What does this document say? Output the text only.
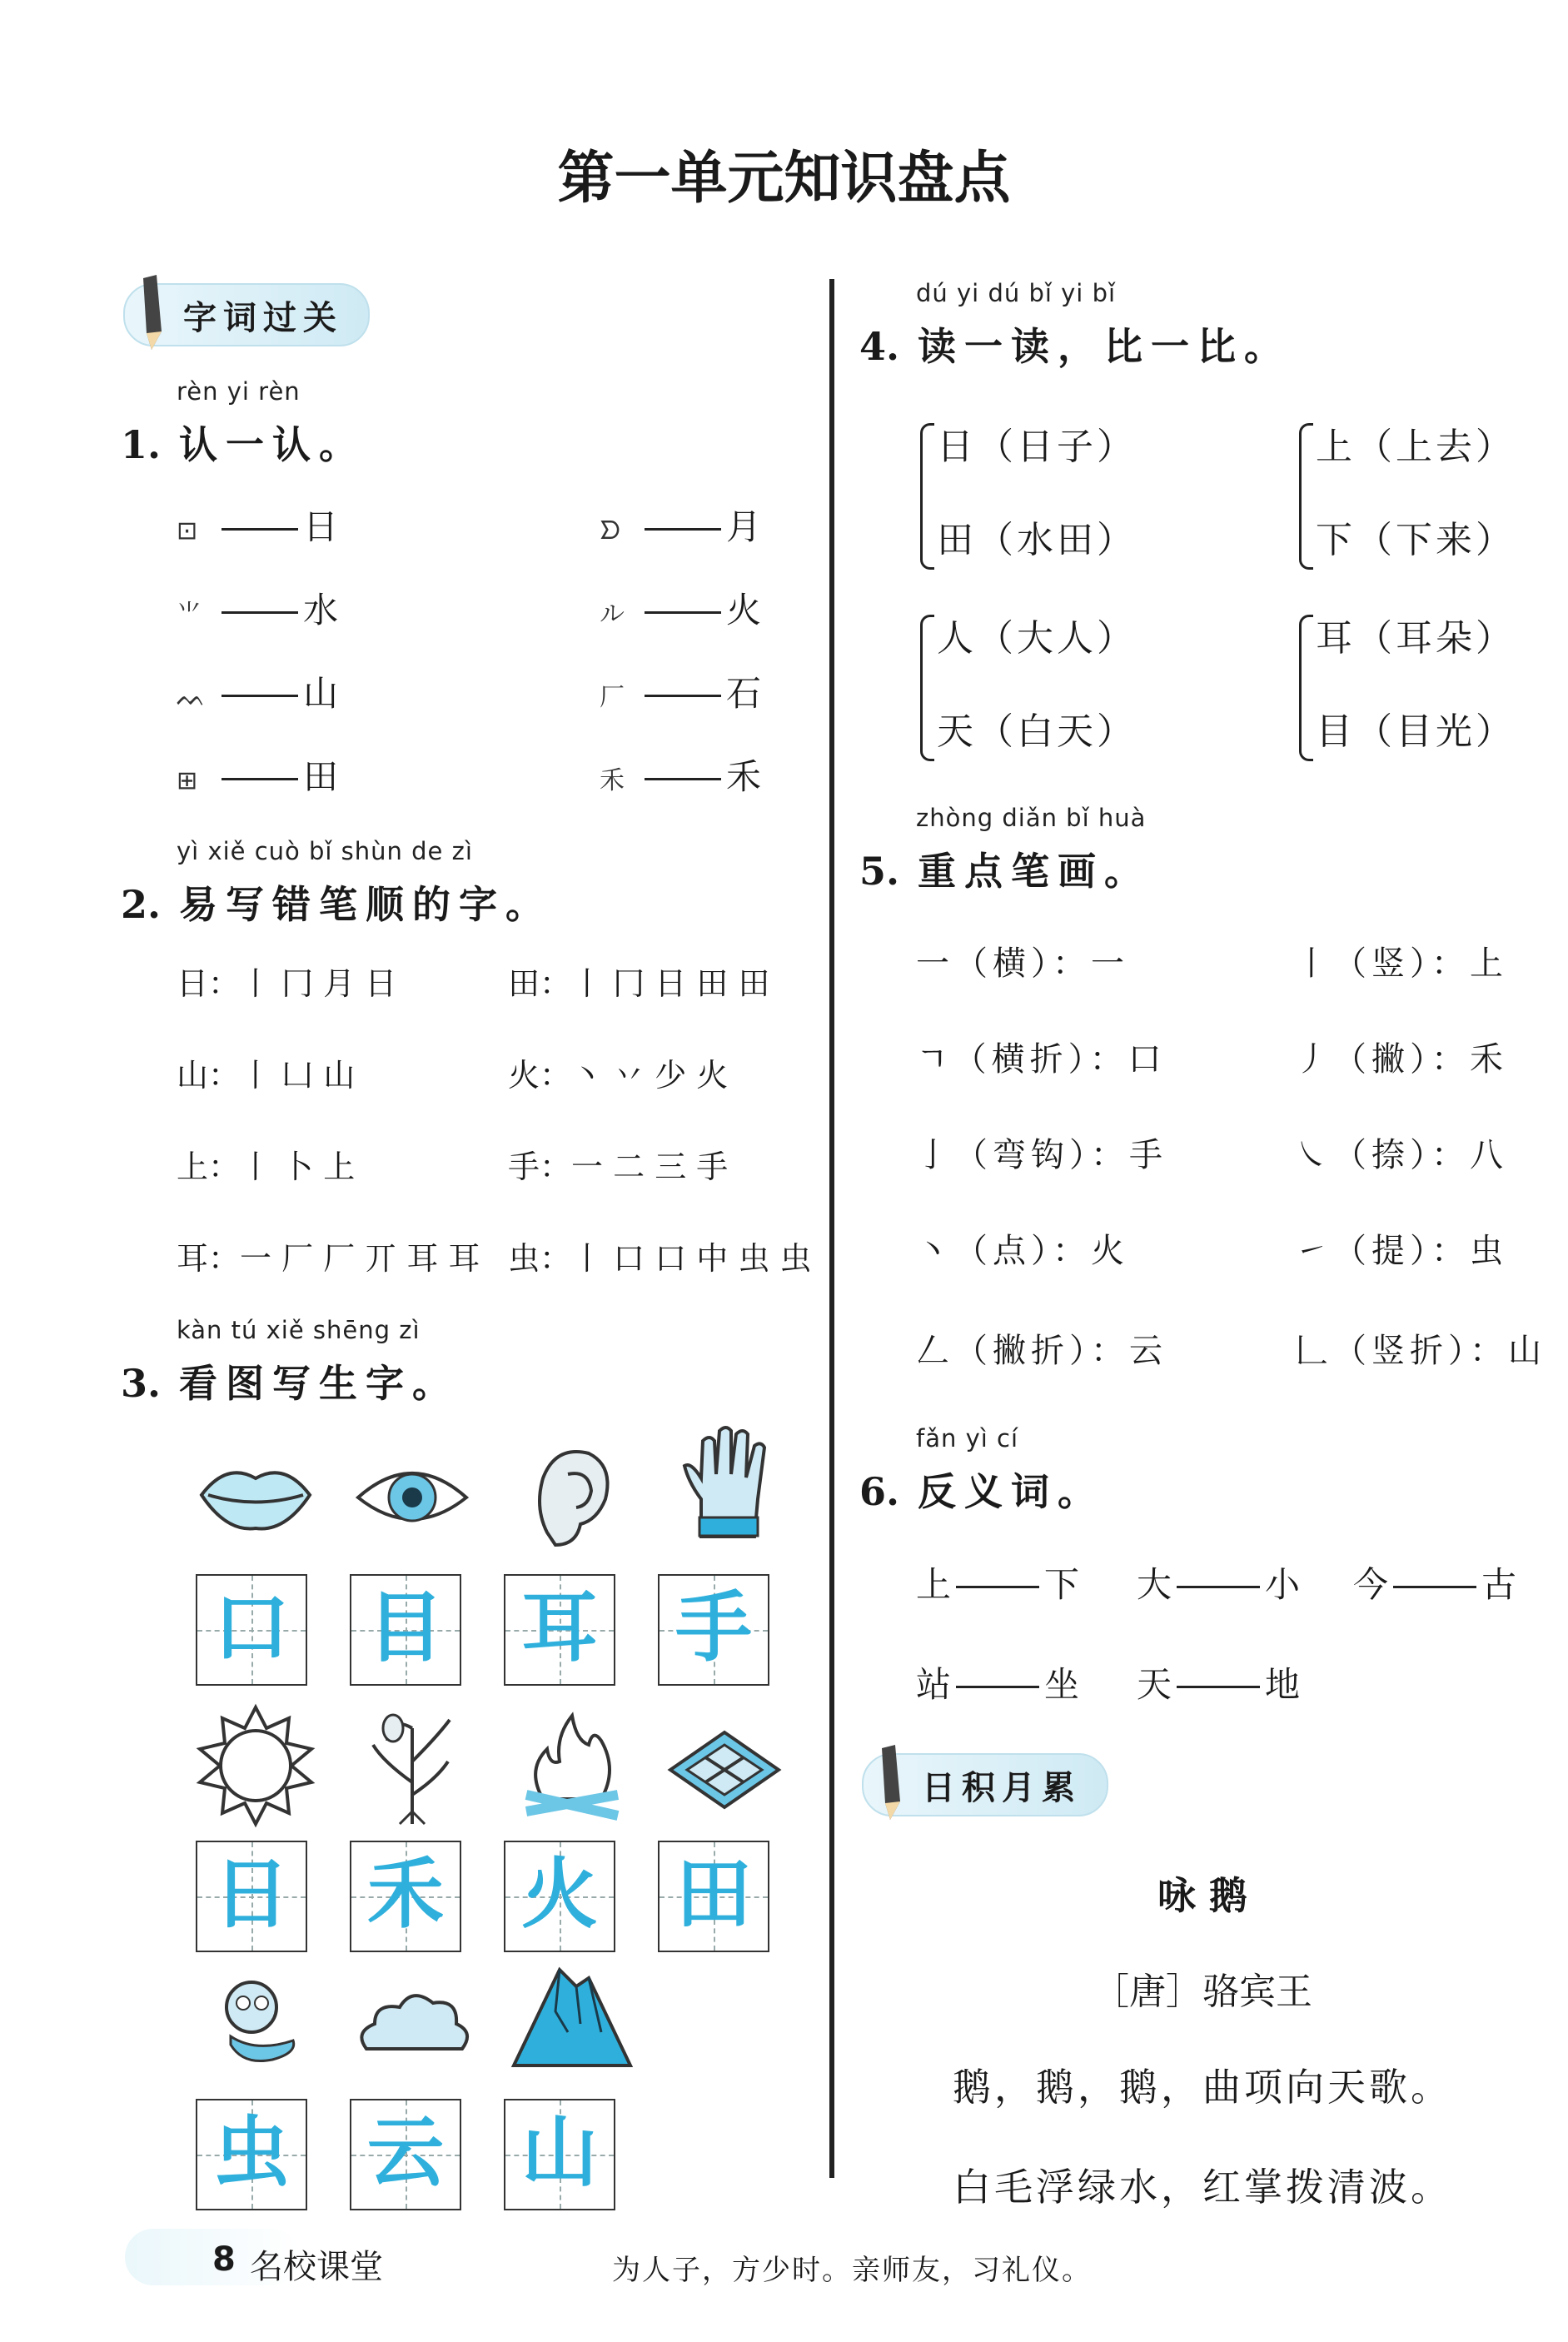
第一单元知识盘点
字词过关
rèn yi rèn
1. 认一认。
⊡	日	ᗤ	月
⺌	水	ル	火
ᨓ	山	厂	石
⊞	田	⽲	禾
yì xiě cuò bǐ shùn de zì
2. 易写错笔顺的字。
日：丨 冂 月 日	田：丨 冂 日 田 田
山：丨 凵 山	火：丶 丷 少 火
上：丨 卜 上	手：一 二 三 手
耳：一 厂 厂 丌 耳 耳 虫：丨 口 口 中 虫 虫
kàn tú xiě shēng zì
3. 看图写生字。
口 目 耳 手
日 禾 火 田
虫 云 山
dú yi dú bǐ yi bǐ
4. 读一读，比一比。
日（日子）
田（水田）
上（上去）
下（下来）
人（大人）
天（白天）
耳（耳朵）
目（目光）
zhòng diǎn bǐ huà
5. 重点笔画。
一（横）：一	丨（竖）：上
ㄱ（横折）：口	丿（撇）：禾
亅（弯钩）：手	㇏（捺）：八
丶（点）：火	㇀（提）：虫
𠃋（撇折）：云	𠃊（竖折）：山
fǎn yì cí
6. 反义词。
上	下 大	小 今	古
站	坐 天	地
日积月累
咏 鹅
［唐］骆宾王
鹅，鹅，鹅，曲项向天歌。
白毛浮绿水，红掌拨清波。
8 名校课堂	为人子，方少时。亲师友，习礼仪。
